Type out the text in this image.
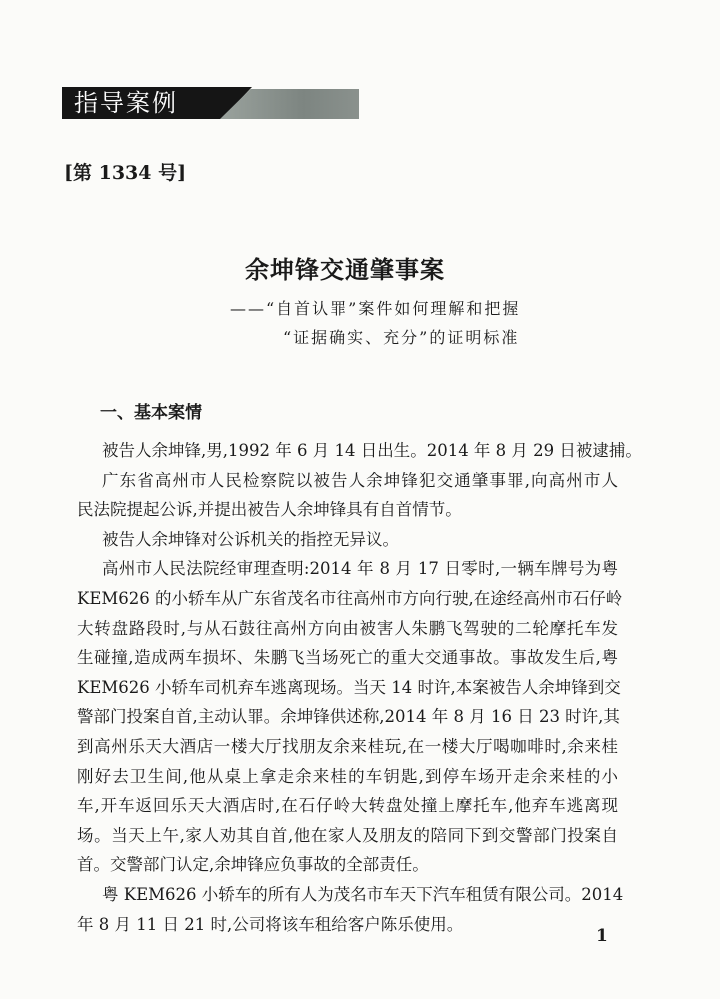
指导案例
[第 1334 号]
余坤锋交通肇事案
——“自首认罪”案件如何理解和把握
“证据确实、充分”的证明标准
一、基本案情
被告人余坤锋,男,1992 年 6 月 14 日出生。2014 年 8 月 29 日被逮捕。
广东省高州市人民检察院以被告人余坤锋犯交通肇事罪,向高州市人
民法院提起公诉,并提出被告人余坤锋具有自首情节。
被告人余坤锋对公诉机关的指控无异议。
高州市人民法院经审理查明:2014 年 8 月 17 日零时,一辆车牌号为粤
KEM626 的小轿车从广东省茂名市往高州市方向行驶,在途经高州市石仔岭
大转盘路段时,与从石鼓往高州方向由被害人朱鹏飞驾驶的二轮摩托车发
生碰撞,造成两车损坏、朱鹏飞当场死亡的重大交通事故。事故发生后,粤
KEM626 小轿车司机弃车逃离现场。当天 14 时许,本案被告人余坤锋到交
警部门投案自首,主动认罪。余坤锋供述称,2014 年 8 月 16 日 23 时许,其
到高州乐天大酒店一楼大厅找朋友余来桂玩,在一楼大厅喝咖啡时,余来桂
刚好去卫生间,他从桌上拿走余来桂的车钥匙,到停车场开走余来桂的小
车,开车返回乐天大酒店时,在石仔岭大转盘处撞上摩托车,他弃车逃离现
场。当天上午,家人劝其自首,他在家人及朋友的陪同下到交警部门投案自
首。交警部门认定,余坤锋应负事故的全部责任。
粤 KEM626 小轿车的所有人为茂名市车天下汽车租赁有限公司。2014
年 8 月 11 日 21 时,公司将该车租给客户陈乐使用。
1
